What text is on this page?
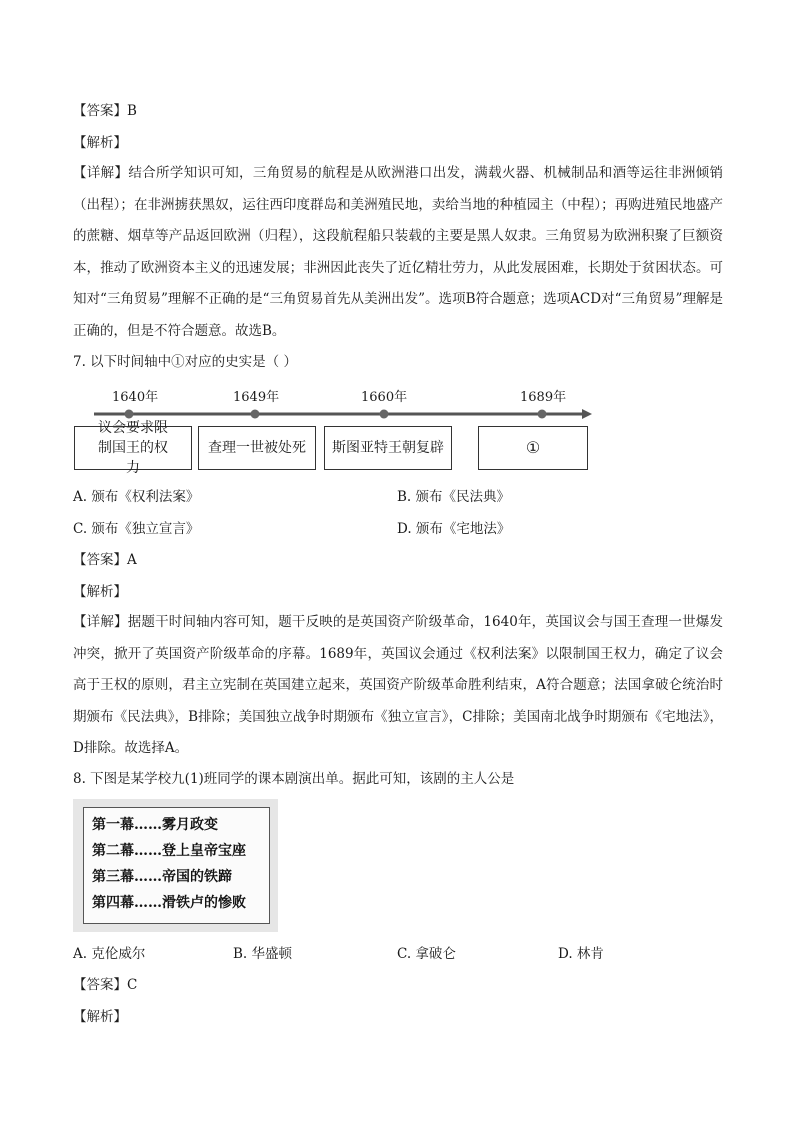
【答案】B
【解析】
【详解】结合所学知识可知，三角贸易的航程是从欧洲港口出发，满载火器、机械制品和酒等运往非洲倾销（出程）；在非洲掳获黑奴，运往西印度群岛和美洲殖民地，卖给当地的种植园主（中程）；再购进殖民地盛产的蔗糖、烟草等产品返回欧洲（归程），这段航程船只装载的主要是黑人奴隶。三角贸易为欧洲积聚了巨额资本，推动了欧洲资本主义的迅速发展；非洲因此丧失了近亿精壮劳力，从此发展困难，长期处于贫困状态。可知对“三角贸易”理解不正确的是“三角贸易首先从美洲出发”。选项B符合题意；选项ACD对“三角贸易”理解是正确的，但是不符合题意。故选B。
7. 以下时间轴中①对应的史实是（ ）
1640年	1649年	1660年	1689年
议会要求限制国王的权力
查理一世被处死	斯图亚特王朝复辟	①
A. 颁布《权利法案》	B. 颁布《民法典》
C. 颁布《独立宣言》	D. 颁布《宅地法》
【答案】A
【解析】
【详解】据题干时间轴内容可知，题干反映的是英国资产阶级革命，1640年，英国议会与国王查理一世爆发冲突，掀开了英国资产阶级革命的序幕。1689年，英国议会通过《权利法案》以限制国王权力，确定了议会高于王权的原则，君主立宪制在英国建立起来，英国资产阶级革命胜利结束，A符合题意；法国拿破仑统治时期颁布《民法典》，B排除；美国独立战争时期颁布《独立宣言》，C排除；美国南北战争时期颁布《宅地法》，D排除。故选择A。
8. 下图是某学校九(1)班同学的课本剧演出单。据此可知，该剧的主人公是
第一幕……雾月政变
第二幕……登上皇帝宝座
第三幕……帝国的铁蹄
第四幕……滑铁卢的惨败
A. 克伦威尔	B. 华盛顿	C. 拿破仑	D. 林肯
【答案】C
【解析】
